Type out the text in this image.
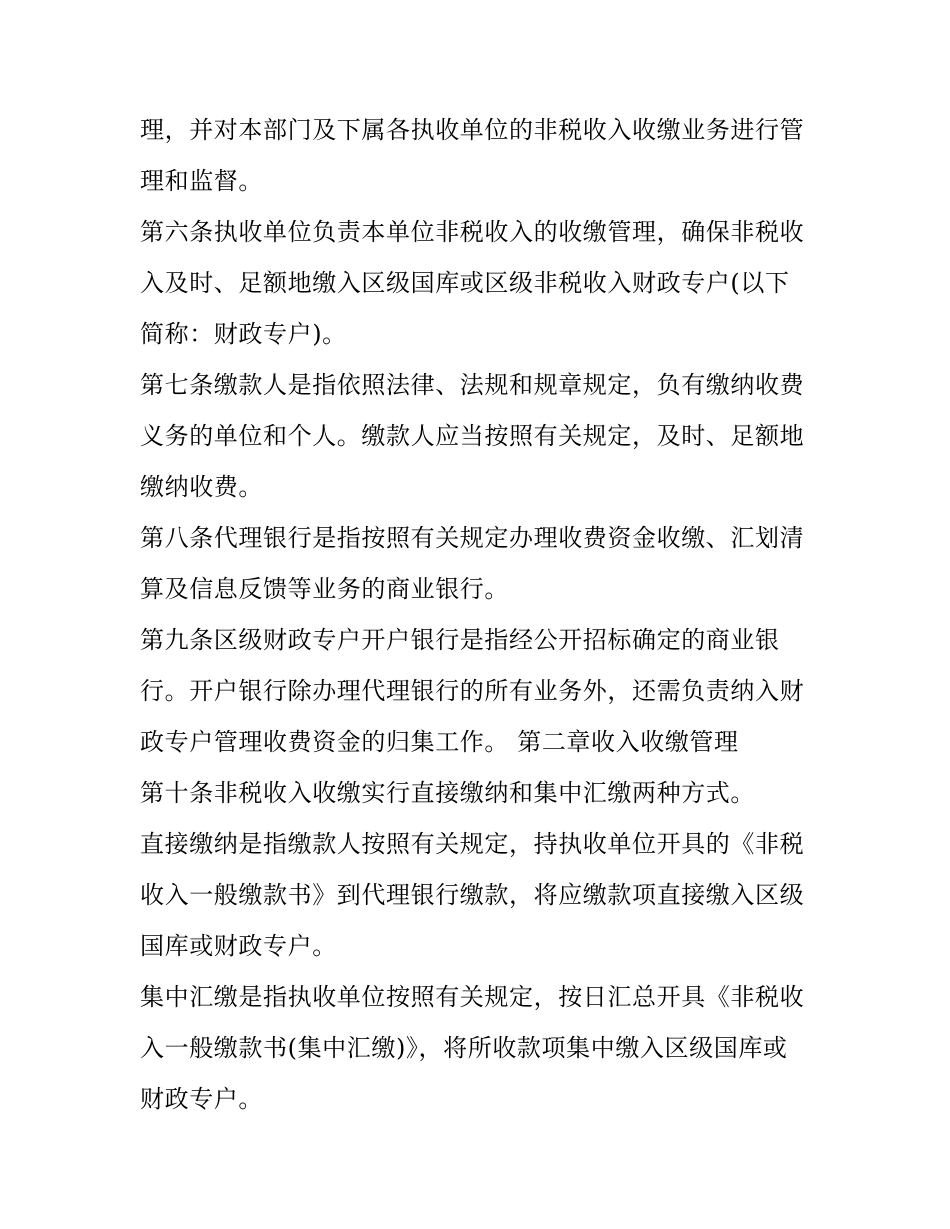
理，并对本部门及下属各执收单位的非税收入收缴业务进行管
理和监督。
第六条执收单位负责本单位非税收入的收缴管理，确保非税收
入及时、足额地缴入区级国库或区级非税收入财政专户(以下
简称：财政专户)。
第七条缴款人是指依照法律、法规和规章规定，负有缴纳收费
义务的单位和个人。缴款人应当按照有关规定，及时、足额地
缴纳收费。
第八条代理银行是指按照有关规定办理收费资金收缴、汇划清
算及信息反馈等业务的商业银行。
第九条区级财政专户开户银行是指经公开招标确定的商业银
行。开户银行除办理代理银行的所有业务外，还需负责纳入财
政专户管理收费资金的归集工作。 第二章收入收缴管理
第十条非税收入收缴实行直接缴纳和集中汇缴两种方式。
直接缴纳是指缴款人按照有关规定，持执收单位开具的《非税
收入一般缴款书》到代理银行缴款，将应缴款项直接缴入区级
国库或财政专户。
集中汇缴是指执收单位按照有关规定，按日汇总开具《非税收
入一般缴款书(集中汇缴)》，将所收款项集中缴入区级国库或
财政专户。
